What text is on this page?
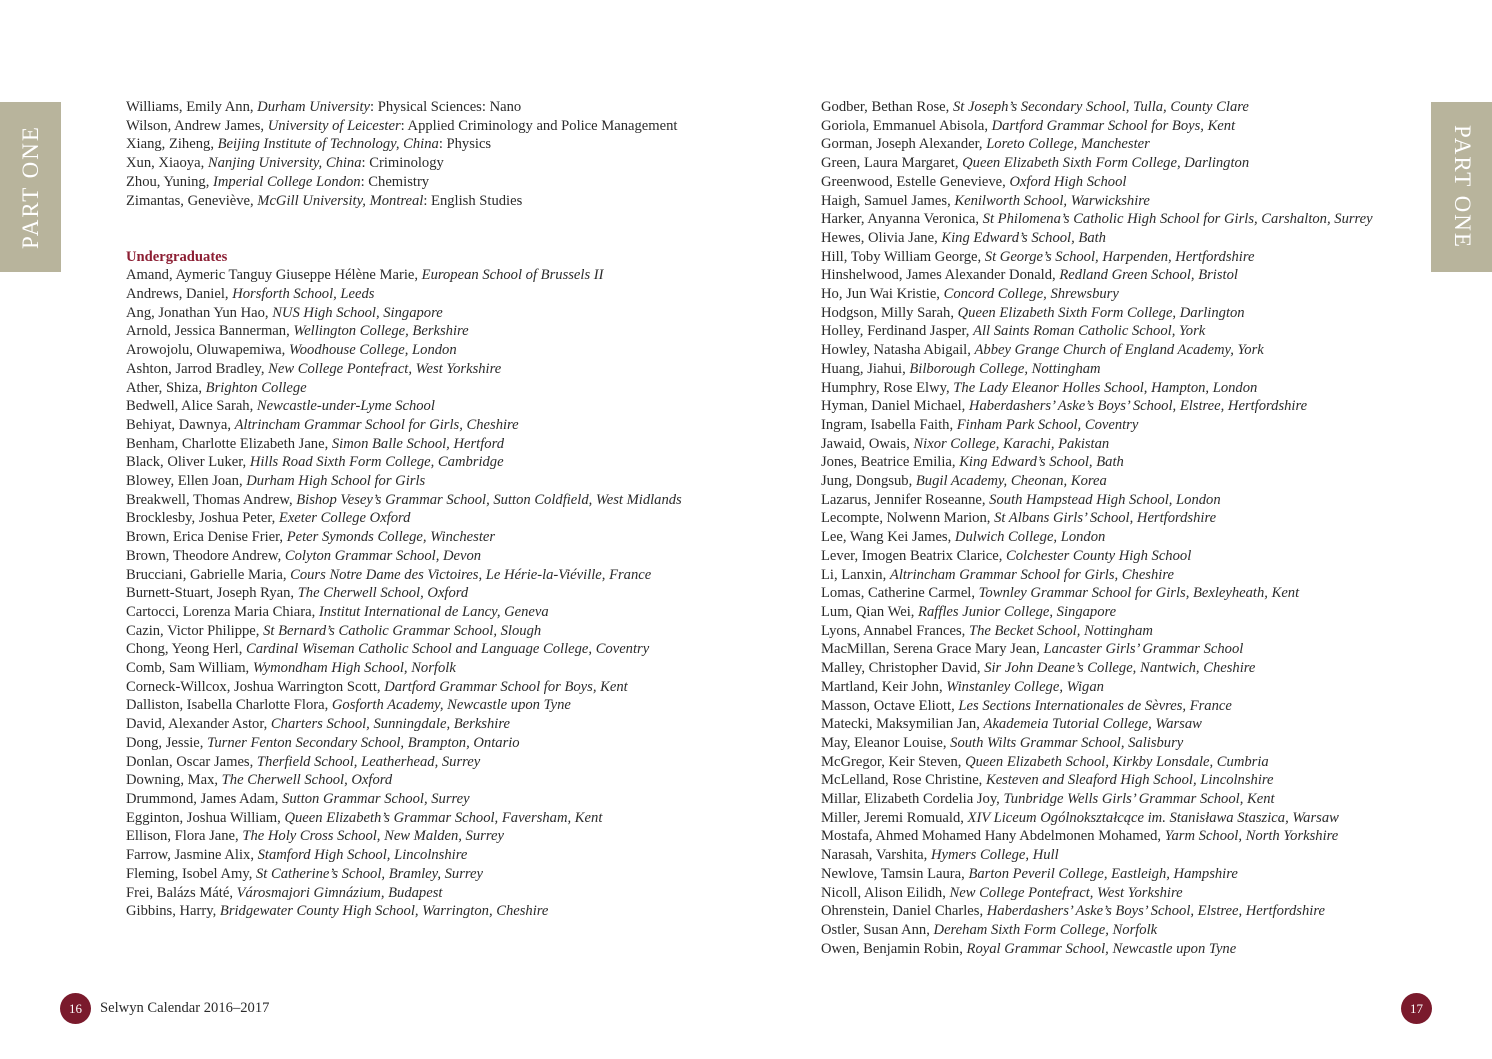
PART ONE	PART ONE

Williams, Emily Ann, Durham University: Physical Sciences: Nano

Wilson, Andrew James, University of Leicester: Applied Criminology and Police Management

Xiang, Ziheng, Beijing Institute of Technology, China: Physics

Xun, Xiaoya, Nanjing University, China: Criminology

Zhou, Yuning, Imperial College London: Chemistry

Zimantas, Geneviève, McGill University, Montreal: English Studies

Undergraduates

Amand, Aymeric Tanguy Giuseppe Hélène Marie, European School of Brussels II

Andrews, Daniel, Horsforth School, Leeds

Ang, Jonathan Yun Hao, NUS High School, Singapore

Arnold, Jessica Bannerman, Wellington College, Berkshire

Arowojolu, Oluwapemiwa, Woodhouse College, London

Ashton, Jarrod Bradley, New College Pontefract, West Yorkshire

Ather, Shiza, Brighton College

Bedwell, Alice Sarah, Newcastle-under-Lyme School

Behiyat, Dawnya, Altrincham Grammar School for Girls, Cheshire

Benham, Charlotte Elizabeth Jane, Simon Balle School, Hertford

Black, Oliver Luker, Hills Road Sixth Form College, Cambridge

Blowey, Ellen Joan, Durham High School for Girls

Breakwell, Thomas Andrew, Bishop Vesey’s Grammar School, Sutton Coldfield, West Midlands

Brocklesby, Joshua Peter, Exeter College Oxford

Brown, Erica Denise Frier, Peter Symonds College, Winchester

Brown, Theodore Andrew, Colyton Grammar School, Devon

Brucciani, Gabrielle Maria, Cours Notre Dame des Victoires, Le Hérie-la-Viéville, France

Burnett-Stuart, Joseph Ryan, The Cherwell School, Oxford

Cartocci, Lorenza Maria Chiara, Institut International de Lancy, Geneva

Cazin, Victor Philippe, St Bernard’s Catholic Grammar School, Slough

Chong, Yeong Herl, Cardinal Wiseman Catholic School and Language College, Coventry

Comb, Sam William, Wymondham High School, Norfolk

Corneck-Willcox, Joshua Warrington Scott, Dartford Grammar School for Boys, Kent

Dalliston, Isabella Charlotte Flora, Gosforth Academy, Newcastle upon Tyne

David, Alexander Astor, Charters School, Sunningdale, Berkshire

Dong, Jessie, Turner Fenton Secondary School, Brampton, Ontario

Donlan, Oscar James, Therfield School, Leatherhead, Surrey

Downing, Max, The Cherwell School, Oxford

Drummond, James Adam, Sutton Grammar School, Surrey

Egginton, Joshua William, Queen Elizabeth’s Grammar School, Faversham, Kent

Ellison, Flora Jane, The Holy Cross School, New Malden, Surrey

Farrow, Jasmine Alix, Stamford High School, Lincolnshire

Fleming, Isobel Amy, St Catherine’s School, Bramley, Surrey

Frei, Balázs Máté, Városmajori Gimnázium, Budapest

Gibbins, Harry, Bridgewater County High School, Warrington, Cheshire

Godber, Bethan Rose, St Joseph’s Secondary School, Tulla, County Clare

Goriola, Emmanuel Abisola, Dartford Grammar School for Boys, Kent

Gorman, Joseph Alexander, Loreto College, Manchester

Green, Laura Margaret, Queen Elizabeth Sixth Form College, Darlington

Greenwood, Estelle Genevieve, Oxford High School

Haigh, Samuel James, Kenilworth School, Warwickshire

Harker, Anyanna Veronica, St Philomena’s Catholic High School for Girls, Carshalton, Surrey

Hewes, Olivia Jane, King Edward’s School, Bath

Hill, Toby William George, St George’s School, Harpenden, Hertfordshire

Hinshelwood, James Alexander Donald, Redland Green School, Bristol

Ho, Jun Wai Kristie, Concord College, Shrewsbury

Hodgson, Milly Sarah, Queen Elizabeth Sixth Form College, Darlington

Holley, Ferdinand Jasper, All Saints Roman Catholic School, York

Howley, Natasha Abigail, Abbey Grange Church of England Academy, York

Huang, Jiahui, Bilborough College, Nottingham

Humphry, Rose Elwy, The Lady Eleanor Holles School, Hampton, London

Hyman, Daniel Michael, Haberdashers’ Aske’s Boys’ School, Elstree, Hertfordshire

Ingram, Isabella Faith, Finham Park School, Coventry

Jawaid, Owais, Nixor College, Karachi, Pakistan

Jones, Beatrice Emilia, King Edward’s School, Bath

Jung, Dongsub, Bugil Academy, Cheonan, Korea

Lazarus, Jennifer Roseanne, South Hampstead High School, London

Lecompte, Nolwenn Marion, St Albans Girls’ School, Hertfordshire

Lee, Wang Kei James, Dulwich College, London

Lever, Imogen Beatrix Clarice, Colchester County High School

Li, Lanxin, Altrincham Grammar School for Girls, Cheshire

Lomas, Catherine Carmel, Townley Grammar School for Girls, Bexleyheath, Kent

Lum, Qian Wei, Raffles Junior College, Singapore

Lyons, Annabel Frances, The Becket School, Nottingham

MacMillan, Serena Grace Mary Jean, Lancaster Girls’ Grammar School

Malley, Christopher David, Sir John Deane’s College, Nantwich, Cheshire

Martland, Keir John, Winstanley College, Wigan

Masson, Octave Eliott, Les Sections Internationales de Sèvres, France

Matecki, Maksymilian Jan, Akademeia Tutorial College, Warsaw

May, Eleanor Louise, South Wilts Grammar School, Salisbury

McGregor, Keir Steven, Queen Elizabeth School, Kirkby Lonsdale, Cumbria

McLelland, Rose Christine, Kesteven and Sleaford High School, Lincolnshire

Millar, Elizabeth Cordelia Joy, Tunbridge Wells Girls’ Grammar School, Kent

Miller, Jeremi Romuald, XIV Liceum Ogólnokształcące im. Stanisława Staszica, Warsaw

Mostafa, Ahmed Mohamed Hany Abdelmonen Mohamed, Yarm School, North Yorkshire

Narasah, Varshita, Hymers College, Hull

Newlove, Tamsin Laura, Barton Peveril College, Eastleigh, Hampshire

Nicoll, Alison Eilidh, New College Pontefract, West Yorkshire

Ohrenstein, Daniel Charles, Haberdashers’ Aske’s Boys’ School, Elstree, Hertfordshire

Ostler, Susan Ann, Dereham Sixth Form College, Norfolk

Owen, Benjamin Robin, Royal Grammar School, Newcastle upon Tyne

16 Selwyn Calendar 2016–2017	17
